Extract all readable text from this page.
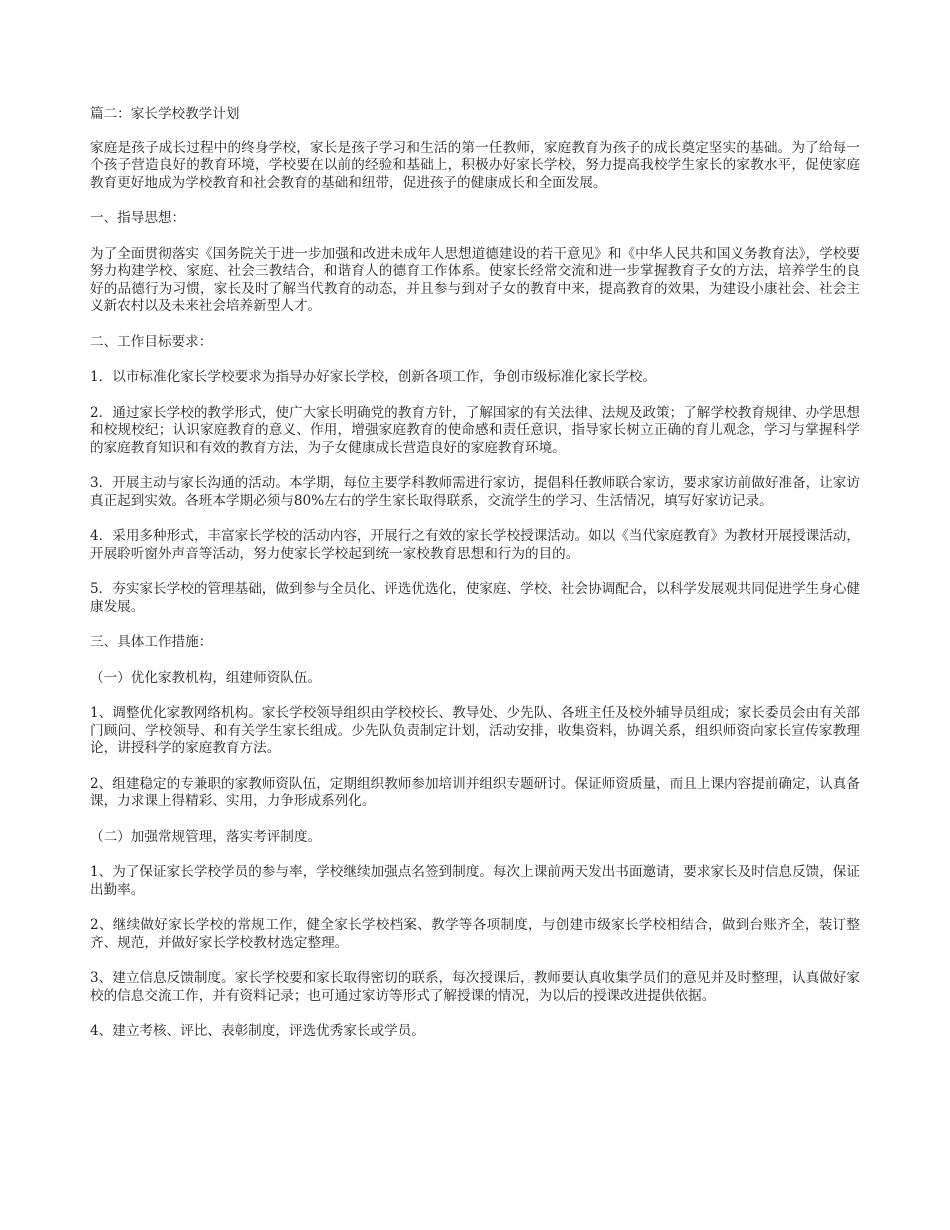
篇二：家长学校教学计划

家庭是孩子成长过程中的终身学校，家长是孩子学习和生活的第一任教师，家庭教育为孩子的成长奠定坚实的基础。为了给每一个孩子营造良好的教育环境，学校要在以前的经验和基础上，积极办好家长学校，努力提高我校学生家长的家教水平，促使家庭教育更好地成为学校教育和社会教育的基础和纽带，促进孩子的健康成长和全面发展。

一、指导思想：

为了全面贯彻落实《国务院关于进一步加强和改进未成年人思想道德建设的若干意见》和《中华人民共和国义务教育法》，学校要努力构建学校、家庭、社会三教结合，和谐育人的德育工作体系。使家长经常交流和进一步掌握教育子女的方法，培养学生的良好的品德行为习惯，家长及时了解当代教育的动态，并且参与到对子女的教育中来，提高教育的效果，为建设小康社会、社会主义新农村以及未来社会培养新型人才。

二、工作目标要求：

1．以市标准化家长学校要求为指导办好家长学校，创新各项工作，争创市级标准化家长学校。

2．通过家长学校的教学形式，使广大家长明确党的教育方针，了解国家的有关法律、法规及政策；了解学校教育规律、办学思想和校规校纪；认识家庭教育的意义、作用，增强家庭教育的使命感和责任意识，指导家长树立正确的育儿观念，学习与掌握科学的家庭教育知识和有效的教育方法，为子女健康成长营造良好的家庭教育环境。

3．开展主动与家长沟通的活动。本学期，每位主要学科教师需进行家访，提倡科任教师联合家访，要求家访前做好准备，让家访真正起到实效。各班本学期必须与80%左右的学生家长取得联系，交流学生的学习、生活情况，填写好家访记录。

4．采用多种形式，丰富家长学校的活动内容，开展行之有效的家长学校授课活动。如以《当代家庭教育》为教材开展授课活动，开展聆听窗外声音等活动，努力使家长学校起到统一家校教育思想和行为的目的。

5．夯实家长学校的管理基础，做到参与全员化、评选优选化，使家庭、学校、社会协调配合，以科学发展观共同促进学生身心健康发展。

三、具体工作措施：

（一）优化家教机构，组建师资队伍。

1、调整优化家教网络机构。家长学校领导组织由学校校长、教导处、少先队、各班主任及校外辅导员组成；家长委员会由有关部门顾问、学校领导、和有关学生家长组成。少先队负责制定计划，活动安排，收集资料，协调关系，组织师资向家长宣传家教理论，讲授科学的家庭教育方法。

2、组建稳定的专兼职的家教师资队伍，定期组织教师参加培训并组织专题研讨。保证师资质量，而且上课内容提前确定，认真备课，力求课上得精彩、实用，力争形成系列化。

（二）加强常规管理，落实考评制度。

1、为了保证家长学校学员的参与率，学校继续加强点名签到制度。每次上课前两天发出书面邀请，要求家长及时信息反馈，保证出勤率。

2、继续做好家长学校的常规工作，健全家长学校档案、教学等各项制度，与创建市级家长学校相结合，做到台账齐全，装订整齐、规范，并做好家长学校教材选定整理。

3、建立信息反馈制度。家长学校要和家长取得密切的联系，每次授课后，教师要认真收集学员们的意见并及时整理，认真做好家校的信息交流工作，并有资料记录；也可通过家访等形式了解授课的情况，为以后的授课改进提供依据。

4、建立考核、评比、表彰制度，评选优秀家长或学员。
